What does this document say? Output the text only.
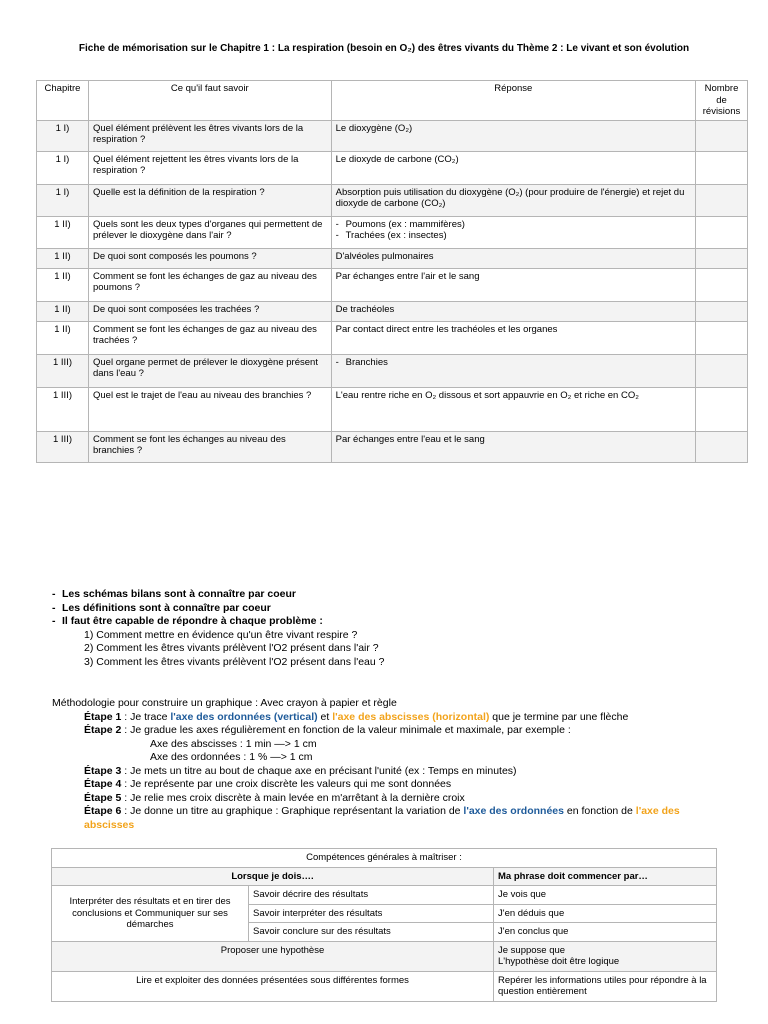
Fiche de mémorisation sur le Chapitre 1 : La respiration (besoin en O₂) des êtres vivants du Thème 2 : Le vivant et son évolution
Chapitre	Ce qu'il faut savoir	Réponse	Nombre de révisions
1 I)	Quel élément prélèvent les êtres vivants lors de la respiration ?	Le dioxygène (O₂)	
1 I)	Quel élément rejettent les êtres vivants lors de la respiration ?	Le dioxyde de carbone (CO₂)	
1 I)	Quelle est la définition de la respiration ?	Absorption puis utilisation du dioxygène (O₂) (pour produire de l'énergie) et rejet du dioxyde de carbone (CO₂)	
1 II)	Quels sont les deux types d'organes qui permettent de prélever le dioxygène dans l'air ?	- Poumons (ex : mammifères)
- Trachées (ex : insectes)	

1 II)	De quoi sont composés les poumons ?	D'alvéoles pulmonaires	
1 II)	Comment se font les échanges de gaz au niveau des poumons ?	Par échanges entre l'air et le sang	
1 II)	De quoi sont composées les trachées ?	De trachéoles	
1 II)	Comment se font les échanges de gaz au niveau des trachées ?	Par contact direct entre les trachéoles et les organes	
1 III)	Quel organe permet de prélever le dioxygène présent dans l'eau ?	- Branchies	

1 III)	Quel est le trajet de l'eau au niveau des branchies ?	L'eau rentre riche en O₂ dissous et sort appauvrie en O₂ et riche en CO₂	
1 III)	Comment se font les échanges au niveau des branchies ?	Par échanges entre l'eau et le sang	
- Les schémas bilans sont à connaître par coeur
- Les définitions sont à connaître par coeur
- Il faut être capable de répondre à chaque problème :
1) Comment mettre en évidence qu'un être vivant respire ?
2) Comment les êtres vivants prélèvent l'O2 présent dans l'air ?
3) Comment les êtres vivants prélèvent l'O2 présent dans l'eau ?
Méthodologie pour construire un graphique : Avec crayon à papier et règle
Étape 1 : Je trace l'axe des ordonnées (vertical) et l'axe des abscisses (horizontal) que je termine par une flèche
Étape 2 : Je gradue les axes régulièrement en fonction de la valeur minimale et maximale, par exemple :
Axe des abscisses : 1 min —> 1 cm
Axe des ordonnées : 1 % —> 1 cm
Étape 3 : Je mets un titre au bout de chaque axe en précisant l'unité (ex : Temps en minutes)
Étape 4 : Je représente par une croix discrète les valeurs qui me sont données
Étape 5 : Je relie mes croix discrète à main levée en m'arrêtant à la dernière croix
Étape 6 : Je donne un titre au graphique : Graphique représentant la variation de l'axe des ordonnées en fonction de l'axe des abscisses
Compétences générales à maîtriser :		
Lorsque je dois….		Ma phrase doit commencer par…
Interpréter des résultats et en tirer des conclusions et Communiquer sur ses démarches	Savoir décrire des résultats	Je vois que
	Savoir interpréter des résultats	J'en déduis que
	Savoir conclure sur des résultats	J'en conclus que
Proposer une hypothèse		Je suppose que
L'hypothèse doit être logique

Lire et exploiter des données présentées sous différentes formes		Repérer les informations utiles pour répondre à la question entièrement
